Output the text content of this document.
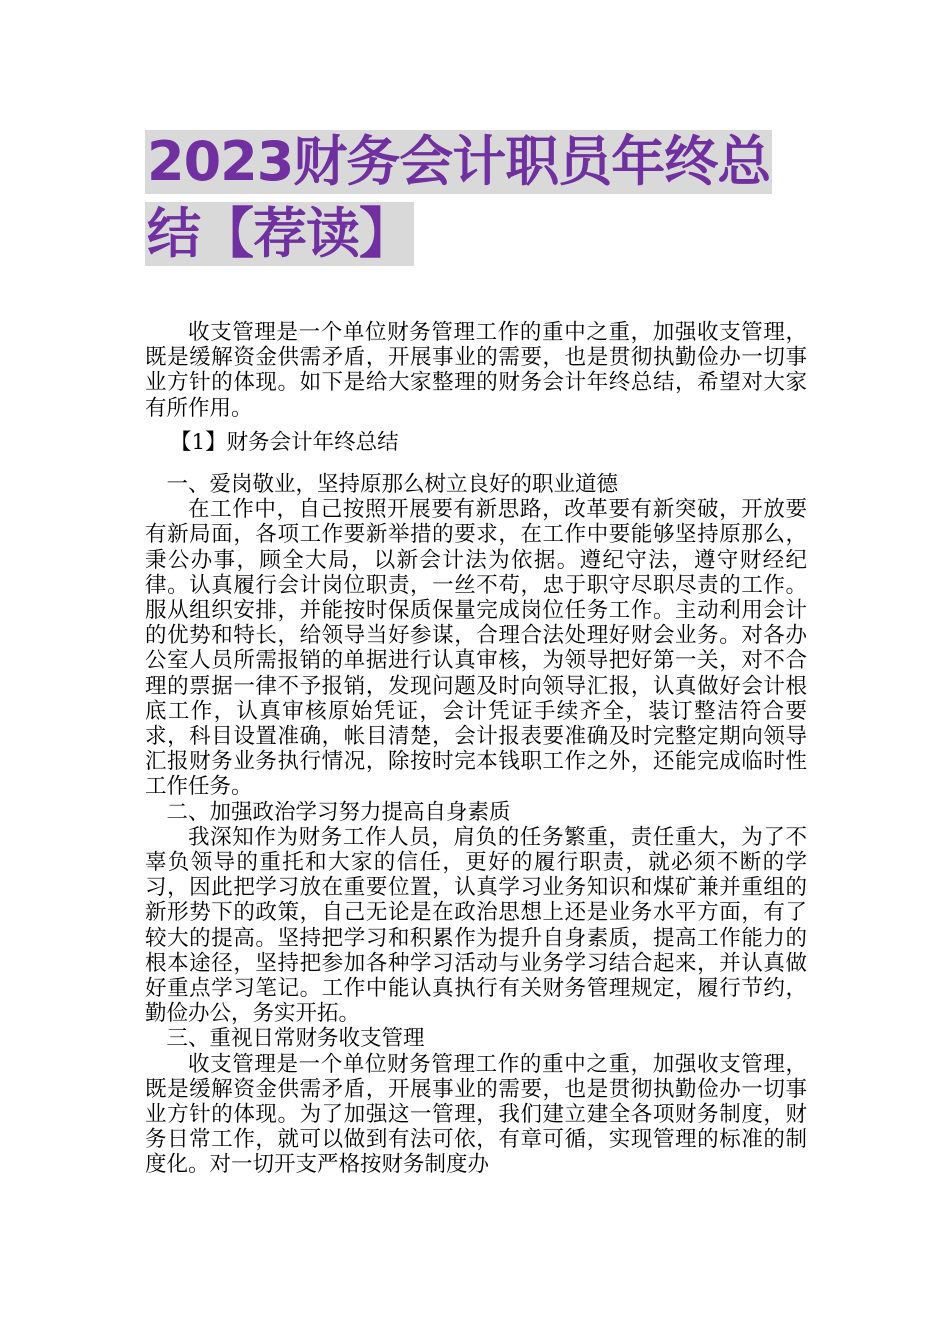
2023财务会计职员年终总
结【荐读】

收支管理是一个单位财务管理工作的重中之重，加强收支管理，既是缓解资金供需矛盾，开展事业的需要，也是贯彻执勤俭办一切事业方针的体现。如下是给大家整理的财务会计年终总结，希望对大家有所作用。

【1】财务会计年终总结

一、爱岗敬业，坚持原那么树立良好的职业道德

在工作中，自己按照开展要有新思路，改革要有新突破，开放要有新局面，各项工作要新举措的要求，在工作中要能够坚持原那么，秉公办事，顾全大局，以新会计法为依据。遵纪守法，遵守财经纪律。认真履行会计岗位职责，一丝不苟，忠于职守尽职尽责的工作。服从组织安排，并能按时保质保量完成岗位任务工作。主动利用会计的优势和特长，给领导当好参谋，合理合法处理好财会业务。对各办公室人员所需报销的单据进行认真审核，为领导把好第一关，对不合理的票据一律不予报销，发现问题及时向领导汇报，认真做好会计根底工作，认真审核原始凭证，会计凭证手续齐全，装订整洁符合要求，科目设置准确，帐目清楚，会计报表要准确及时完整定期向领导汇报财务业务执行情况，除按时完本钱职工作之外，还能完成临时性工作任务。

二、加强政治学习努力提高自身素质

我深知作为财务工作人员，肩负的任务繁重，责任重大，为了不辜负领导的重托和大家的信任，更好的履行职责，就必须不断的学习，因此把学习放在重要位置，认真学习业务知识和煤矿兼并重组的新形势下的政策，自己无论是在政治思想上还是业务水平方面，有了较大的提高。坚持把学习和积累作为提升自身素质，提高工作能力的根本途径，坚持把参加各种学习活动与业务学习结合起来，并认真做好重点学习笔记。工作中能认真执行有关财务管理规定，履行节约，勤俭办公，务实开拓。

三、重视日常财务收支管理

收支管理是一个单位财务管理工作的重中之重，加强收支管理，既是缓解资金供需矛盾，开展事业的需要，也是贯彻执勤俭办一切事业方针的体现。为了加强这一管理，我们建立建全各项财务制度，财务日常工作，就可以做到有法可依，有章可循，实现管理的标准的制度化。对一切开支严格按财务制度办
